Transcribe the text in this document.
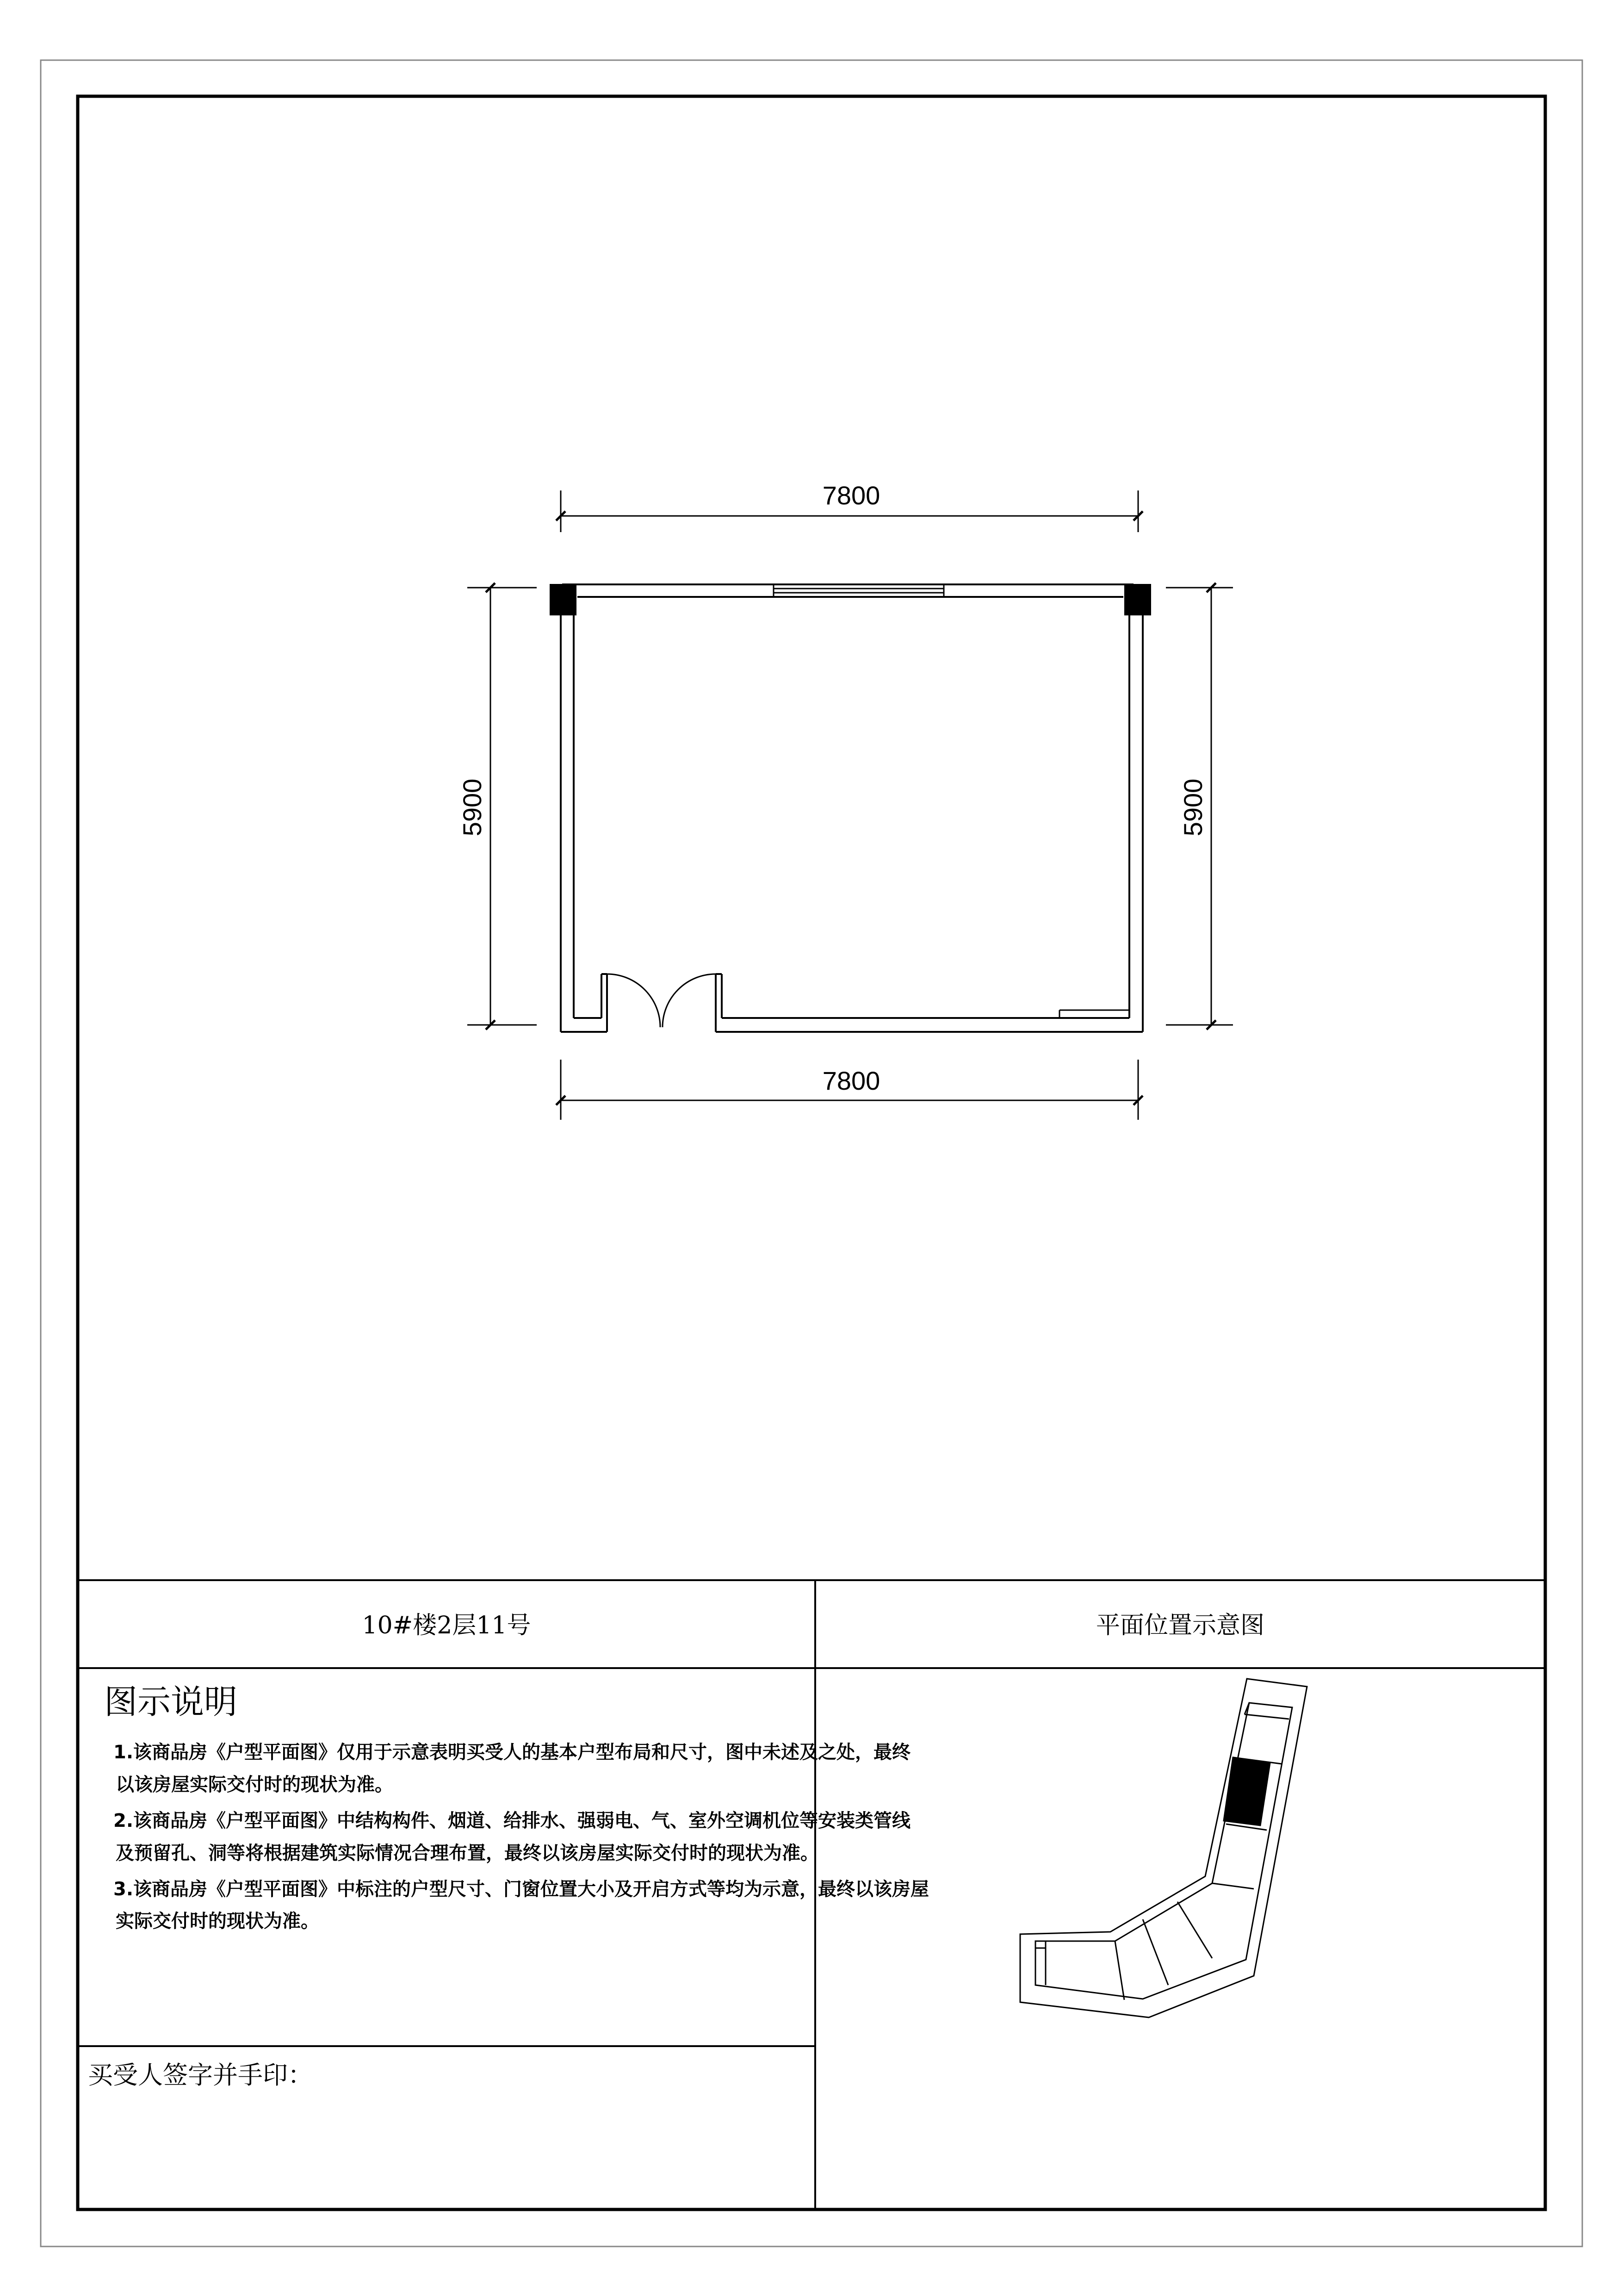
7800
7800
5900	5900
10#楼2层11号	平面位置示意图
图示说明
1.该商品房《户型平面图》仅用于示意表明买受人的基本户型布局和尺寸，图中未述及之处，最终
以该房屋实际交付时的现状为准。
2.该商品房《户型平面图》中结构构件、烟道、给排水、强弱电、气、室外空调机位等安装类管线
及预留孔、洞等将根据建筑实际情况合理布置，最终以该房屋实际交付时的现状为准。
3.该商品房《户型平面图》中标注的户型尺寸、门窗位置大小及开启方式等均为示意，最终以该房屋
实际交付时的现状为准。
买受人签字并手印：
